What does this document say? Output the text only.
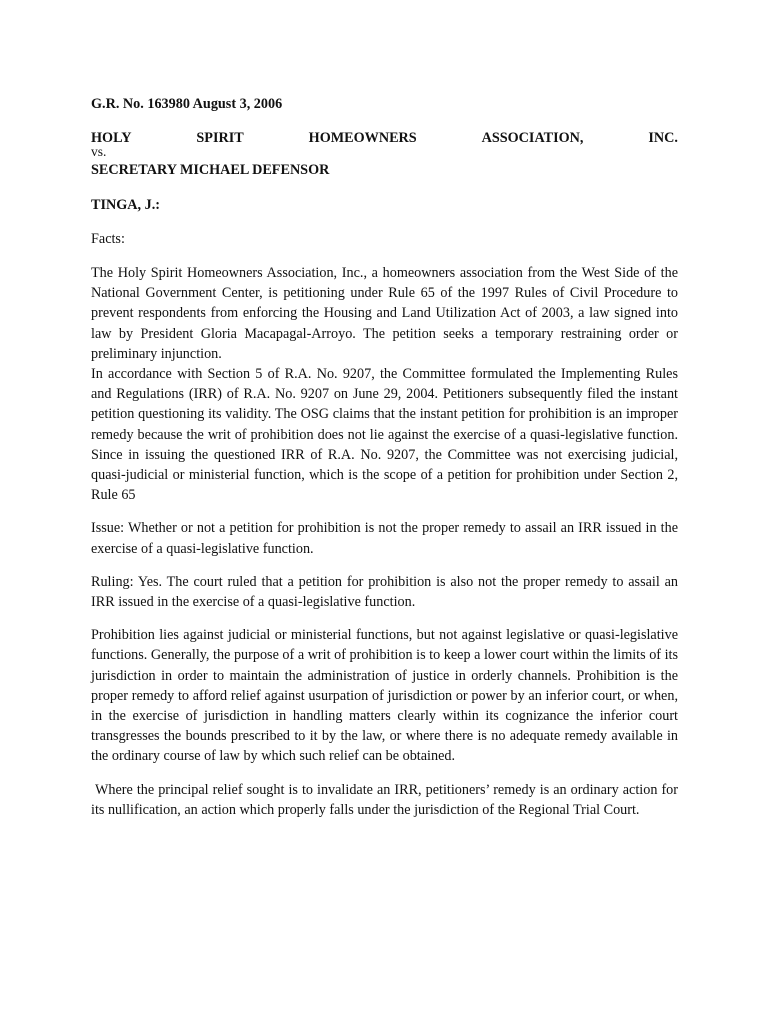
G.R. No. 163980 August 3, 2006
HOLY	SPIRIT	HOMEOWNERS	ASSOCIATION,	INC.
vs.
SECRETARY MICHAEL DEFENSOR
TINGA, J.:
Facts:

The Holy Spirit Homeowners Association, Inc., a homeowners association from the West Side of the National Government Center, is petitioning under Rule 65 of the 1997 Rules of Civil Procedure to prevent respondents from enforcing the Housing and Land Utilization Act of 2003, a law signed into law by President Gloria Macapagal-Arroyo. The petition seeks a temporary restraining order or preliminary injunction.

In accordance with Section 5 of R.A. No. 9207, the Committee formulated the Implementing Rules and Regulations (IRR) of R.A. No. 9207 on June 29, 2004. Petitioners subsequently filed the instant petition questioning its validity. The OSG claims that the instant petition for prohibition is an improper remedy because the writ of prohibition does not lie against the exercise of a quasi-legislative function. Since in issuing the questioned IRR of R.A. No. 9207, the Committee was not exercising judicial, quasi-judicial or ministerial function, which is the scope of a petition for prohibition under Section 2, Rule 65

Issue: Whether or not a petition for prohibition is not the proper remedy to assail an IRR issued in the exercise of a quasi-legislative function.

Ruling: Yes. The court ruled that a petition for prohibition is also not the proper remedy to assail an IRR issued in the exercise of a quasi-legislative function.

Prohibition lies against judicial or ministerial functions, but not against legislative or quasi-legislative functions. Generally, the purpose of a writ of prohibition is to keep a lower court within the limits of its jurisdiction in order to maintain the administration of justice in orderly channels. Prohibition is the proper remedy to afford relief against usurpation of jurisdiction or power by an inferior court, or when, in the exercise of jurisdiction in handling matters clearly within its cognizance the inferior court transgresses the bounds prescribed to it by the law, or where there is no adequate remedy available in the ordinary course of law by which such relief can be obtained.

Where the principal relief sought is to invalidate an IRR, petitioners’ remedy is an ordinary action for its nullification, an action which properly falls under the jurisdiction of the Regional Trial Court.
